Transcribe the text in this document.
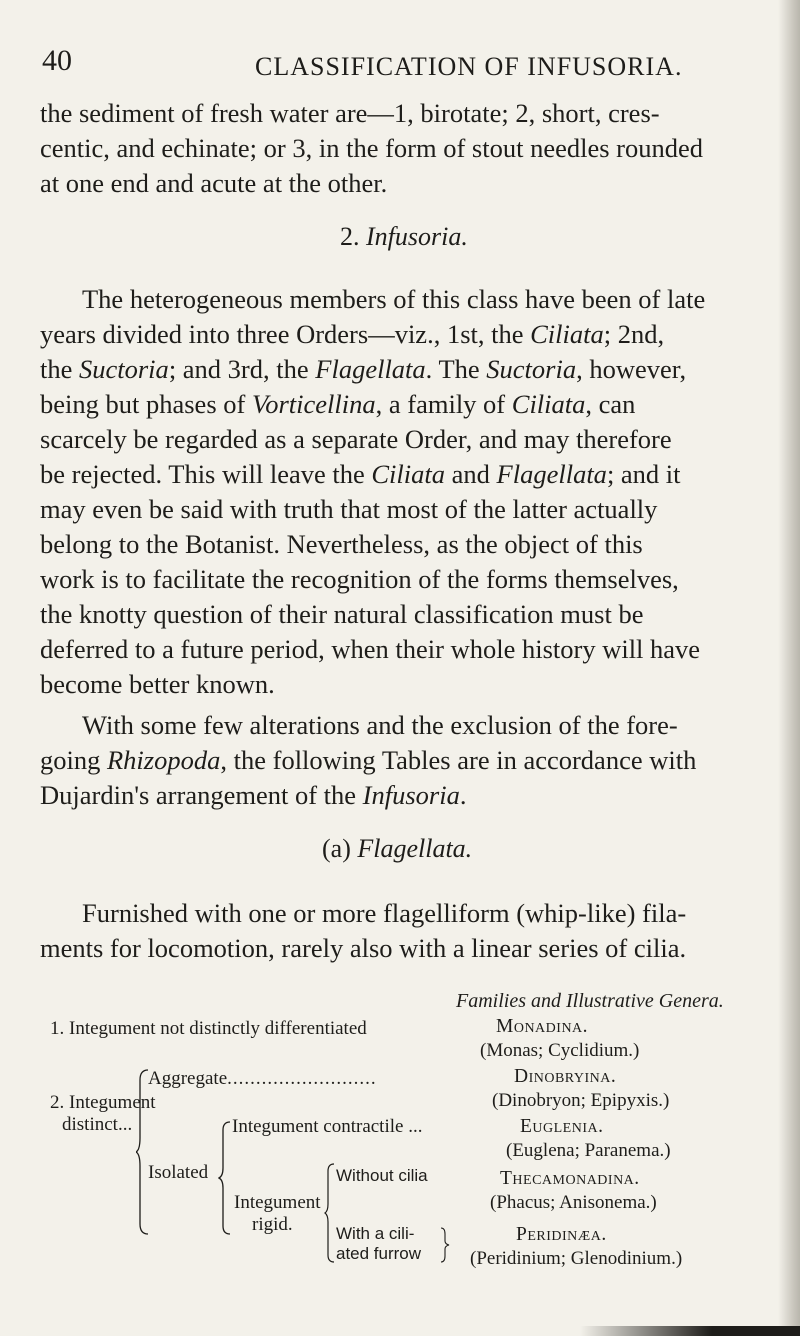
40	CLASSIFICATION OF INFUSORIA.
the sediment of fresh water are—1, birotate; 2, short, cres-
centic, and echinate; or 3, in the form of stout needles rounded
at one end and acute at the other.
2. Infusoria.
The heterogeneous members of this class have been of late
years divided into three Orders—viz., 1st, the Ciliata; 2nd,
the Suctoria; and 3rd, the Flagellata. The Suctoria, however,
being but phases of Vorticellina, a family of Ciliata, can
scarcely be regarded as a separate Order, and may therefore
be rejected. This will leave the Ciliata and Flagellata; and it
may even be said with truth that most of the latter actually
belong to the Botanist. Nevertheless, as the object of this
work is to facilitate the recognition of the forms themselves,
the knotty question of their natural classification must be
deferred to a future period, when their whole history will have
become better known.
With some few alterations and the exclusion of the fore-
going Rhizopoda, the following Tables are in accordance with
Dujardin's arrangement of the Infusoria.
(a) Flagellata.
Furnished with one or more flagelliform (whip-like) fila-
ments for locomotion, rarely also with a linear series of cilia.
Families and Illustrative Genera.
1. Integument not distinctly differentiated	Monadina.
(Monas; Cyclidium.)
2. Integument
distinct...
Aggregate..........................	Dinobryina.
(Dinobryon; Epipyxis.)
Isolated
Integument contractile ...	Euglenia.
(Euglena; Paranema.)
Integument
rigid.
Without cilia	Thecamonadina.
(Phacus; Anisonema.)
With a cili-
ated furrow
Peridinæa.
(Peridinium; Glenodinium.)
